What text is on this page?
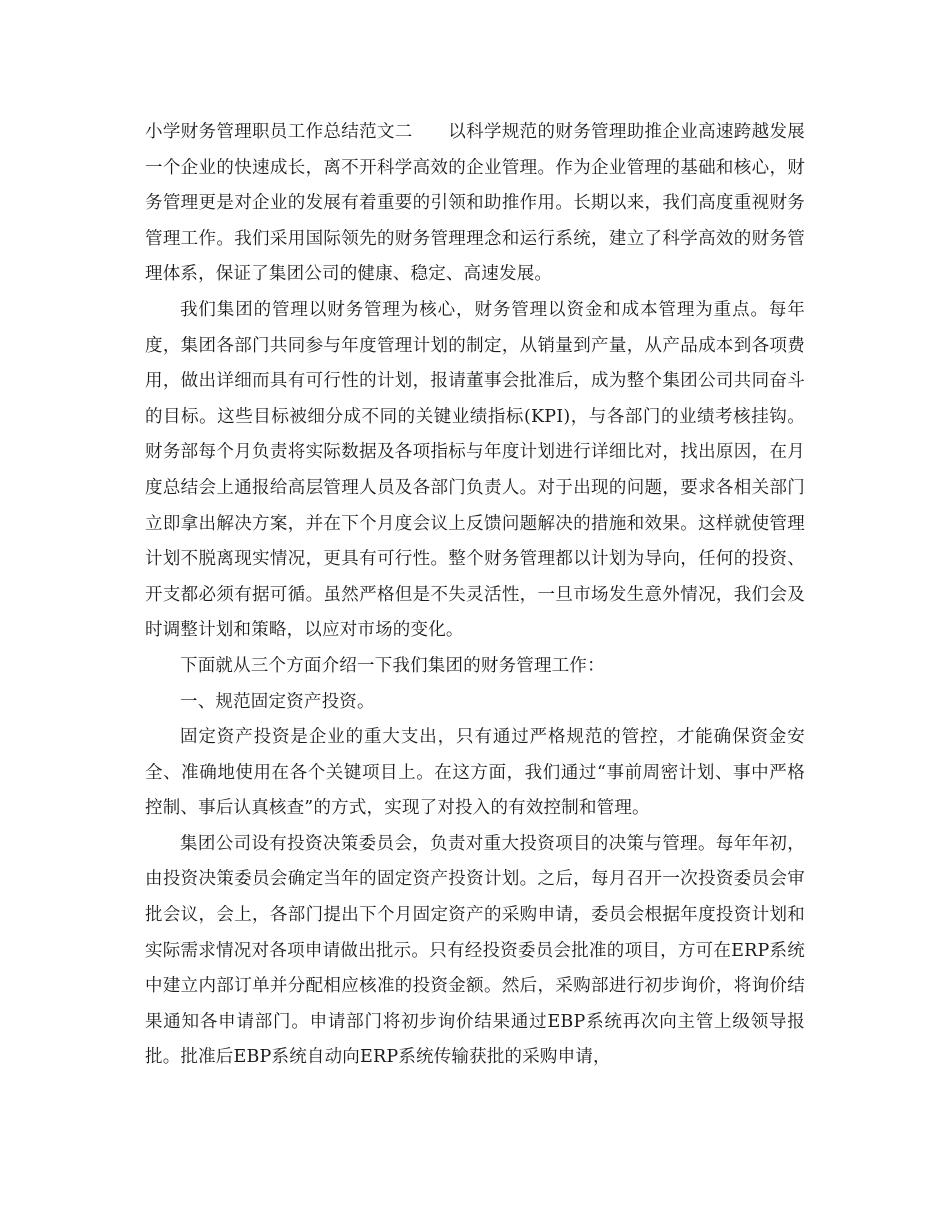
小学财务管理职员工作总结范文二　　以科学规范的财务管理助推企业高速跨越发展 一个企业的快速成长，离不开科学高效的企业管理。作为企业管理的基础和核心，财务管理更是对企业的发展有着重要的引领和助推作用。长期以来，我们高度重视财务管理工作。我们采用国际领先的财务管理理念和运行系统，建立了科学高效的财务管理体系，保证了集团公司的健康、稳定、高速发展。

我们集团的管理以财务管理为核心，财务管理以资金和成本管理为重点。每年度，集团各部门共同参与年度管理计划的制定，从销量到产量，从产品成本到各项费用，做出详细而具有可行性的计划，报请董事会批准后，成为整个集团公司共同奋斗的目标。这些目标被细分成不同的关键业绩指标(KPI)，与各部门的业绩考核挂钩。财务部每个月负责将实际数据及各项指标与年度计划进行详细比对，找出原因，在月度总结会上通报给高层管理人员及各部门负责人。对于出现的问题，要求各相关部门立即拿出解决方案，并在下个月度会议上反馈问题解决的措施和效果。这样就使管理计划不脱离现实情况，更具有可行性。整个财务管理都以计划为导向，任何的投资、开支都必须有据可循。虽然严格但是不失灵活性，一旦市场发生意外情况，我们会及时调整计划和策略，以应对市场的变化。

下面就从三个方面介绍一下我们集团的财务管理工作：

一、规范固定资产投资。

固定资产投资是企业的重大支出，只有通过严格规范的管控，才能确保资金安全、准确地使用在各个关键项目上。在这方面，我们通过“事前周密计划、事中严格控制、事后认真核查”的方式，实现了对投入的有效控制和管理。

集团公司设有投资决策委员会，负责对重大投资项目的决策与管理。每年年初，由投资决策委员会确定当年的固定资产投资计划。之后，每月召开一次投资委员会审批会议，会上，各部门提出下个月固定资产的采购申请，委员会根据年度投资计划和实际需求情况对各项申请做出批示。只有经投资委员会批准的项目，方可在ERP系统中建立内部订单并分配相应核准的投资金额。然后，采购部进行初步询价，将询价结果通知各申请部门。申请部门将初步询价结果通过EBP系统再次向主管上级领导报批。批准后EBP系统自动向ERP系统传输获批的采购申请，
